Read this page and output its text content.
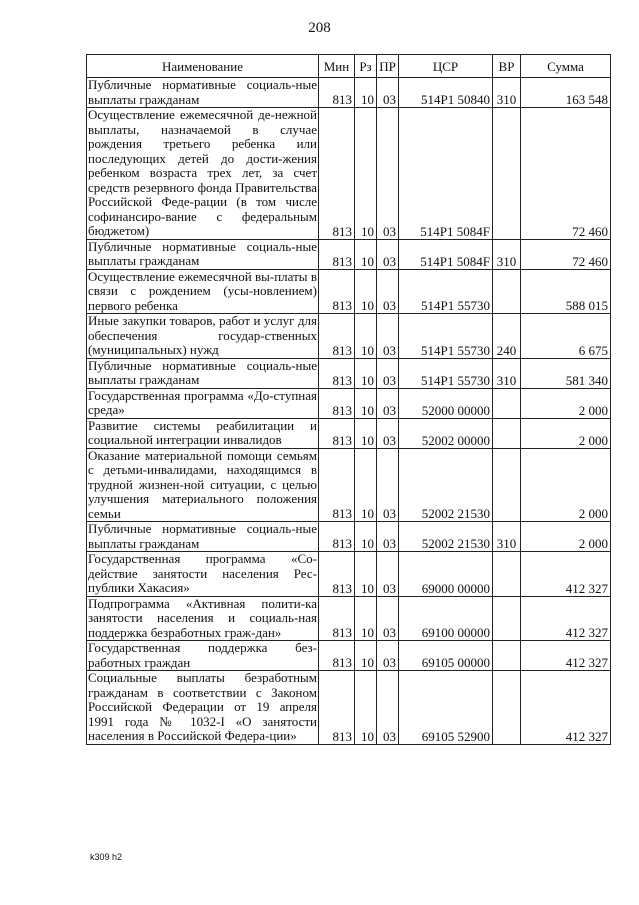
208
Наименование	Мин	Рз	ПР	ЦСР	ВР	Сумма
Публичные нормативные социаль-ные выплаты гражданам	813	10	03	514P1 50840	310	163 548
Осуществление ежемесячной де-нежной выплаты, назначаемой в случае рождения третьего ребенка или последующих детей до дости-жения ребенком возраста трех лет, за счет средств резервного фонда Правительства Российской Феде-рации (в том числе софинансиро-вание с федеральным бюджетом)	813	10	03	514P1 5084F		72 460
Публичные нормативные социаль-ные выплаты гражданам	813	10	03	514P1 5084F	310	72 460
Осуществление ежемесячной вы-платы в связи с рождением (усы-новлением) первого ребенка	813	10	03	514P1 55730		588 015
Иные закупки товаров, работ и услуг для обеспечения государ-ственных (муниципальных) нужд	813	10	03	514P1 55730	240	6 675
Публичные нормативные социаль-ные выплаты гражданам	813	10	03	514P1 55730	310	581 340
Государственная программа «До-ступная среда»	813	10	03	52000 00000		2 000
Развитие системы реабилитации и социальной интеграции инвалидов	813	10	03	52002 00000		2 000
Оказание материальной помощи семьям с детьми-инвалидами, находящимся в трудной жизнен-ной ситуации, с целью улучшения материального положения семьи	813	10	03	52002 21530		2 000
Публичные нормативные социаль-ные выплаты гражданам	813	10	03	52002 21530	310	2 000
Государственная программа «Со-действие занятости населения Рес-публики Хакасия»	813	10	03	69000 00000		412 327
Подпрограмма «Активная полити-ка занятости населения и социаль-ная поддержка безработных граж-дан»	813	10	03	69100 00000		412 327
Государственная поддержка без-работных граждан	813	10	03	69105 00000		412 327
Социальные выплаты безработным гражданам в соответствии с Законом Российской Федерации от 19 апреля 1991 года № 1032-I «О занятости населения в Российской Федера-ции»	813	10	03	69105 52900		412 327
k309 h2
